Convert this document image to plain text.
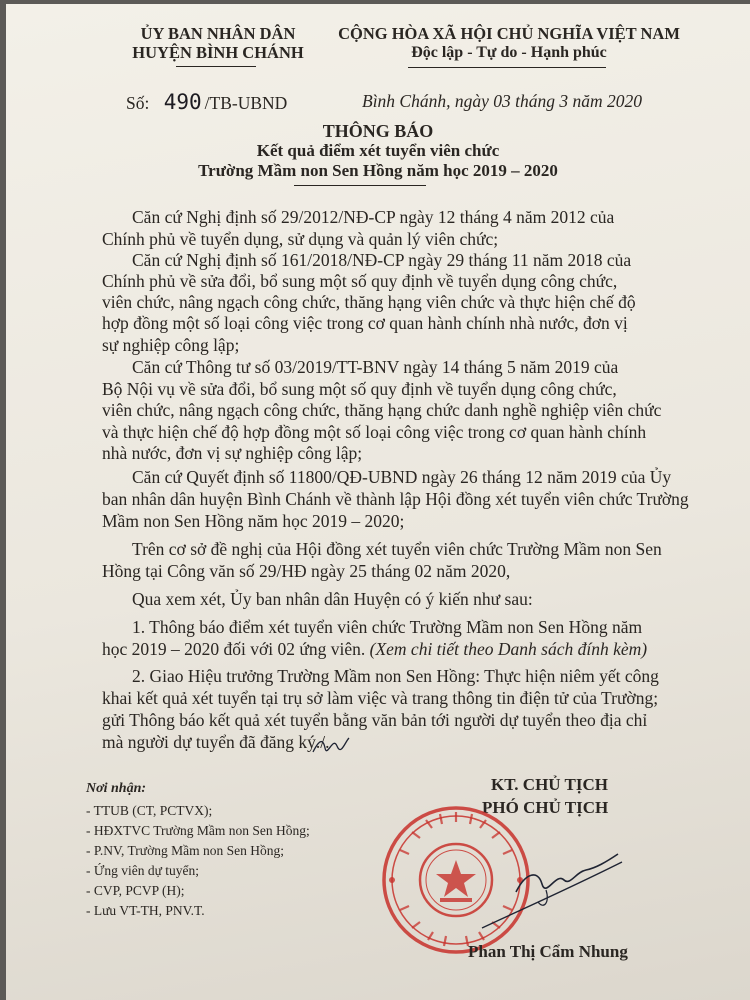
ỦY BAN NHÂN DÂN
HUYỆN BÌNH CHÁNH
CỘNG HÒA XÃ HỘI CHỦ NGHĨA VIỆT NAM
Độc lập - Tự do - Hạnh phúc
Số: 490 /TB-UBND	Bình Chánh, ngày 03 tháng 3 năm 2020
THÔNG BÁO
Kết quả điểm xét tuyển viên chức
Trường Mầm non Sen Hồng năm học 2019 – 2020
Căn cứ Nghị định số 29/2012/NĐ-CP ngày 12 tháng 4 năm 2012 của
Chính phủ về tuyển dụng, sử dụng và quản lý viên chức;
Căn cứ Nghị định số 161/2018/NĐ-CP ngày 29 tháng 11 năm 2018 của
Chính phủ về sửa đổi, bổ sung một số quy định về tuyển dụng công chức,
viên chức, nâng ngạch công chức, thăng hạng viên chức và thực hiện chế độ
hợp đồng một số loại công việc trong cơ quan hành chính nhà nước, đơn vị
sự nghiệp công lập;
Căn cứ Thông tư số 03/2019/TT-BNV ngày 14 tháng 5 năm 2019 của
Bộ Nội vụ về sửa đổi, bổ sung một số quy định về tuyển dụng công chức,
viên chức, nâng ngạch công chức, thăng hạng chức danh nghề nghiệp viên chức
và thực hiện chế độ hợp đồng một số loại công việc trong cơ quan hành chính
nhà nước, đơn vị sự nghiệp công lập;
Căn cứ Quyết định số 11800/QĐ-UBND ngày 26 tháng 12 năm 2019 của Ủy
ban nhân dân huyện Bình Chánh về thành lập Hội đồng xét tuyển viên chức Trường
Mầm non Sen Hồng năm học 2019 – 2020;
Trên cơ sở đề nghị của Hội đồng xét tuyển viên chức Trường Mầm non Sen
Hồng tại Công văn số 29/HĐ ngày 25 tháng 02 năm 2020,
Qua xem xét, Ủy ban nhân dân Huyện có ý kiến như sau:
1. Thông báo điểm xét tuyển viên chức Trường Mầm non Sen Hồng năm
học 2019 – 2020 đối với 02 ứng viên. (Xem chi tiết theo Danh sách đính kèm)
2. Giao Hiệu trưởng Trường Mầm non Sen Hồng: Thực hiện niêm yết công
khai kết quả xét tuyển tại trụ sở làm việc và trang thông tin điện tử của Trường;
gửi Thông báo kết quả xét tuyển bằng văn bản tới người dự tuyển theo địa chỉ
mà người dự tuyển đã đăng ký./.
Nơi nhận:
- TTUB (CT, PCTVX);
- HĐXTVC Trường Mầm non Sen Hồng;
- P.NV, Trường Mầm non Sen Hồng;
- Ứng viên dự tuyển;
- CVP, PCVP (H);
- Lưu VT-TH, PNV.T.
KT. CHỦ TỊCH
PHÓ CHỦ TỊCH
Phan Thị Cẩm Nhung
